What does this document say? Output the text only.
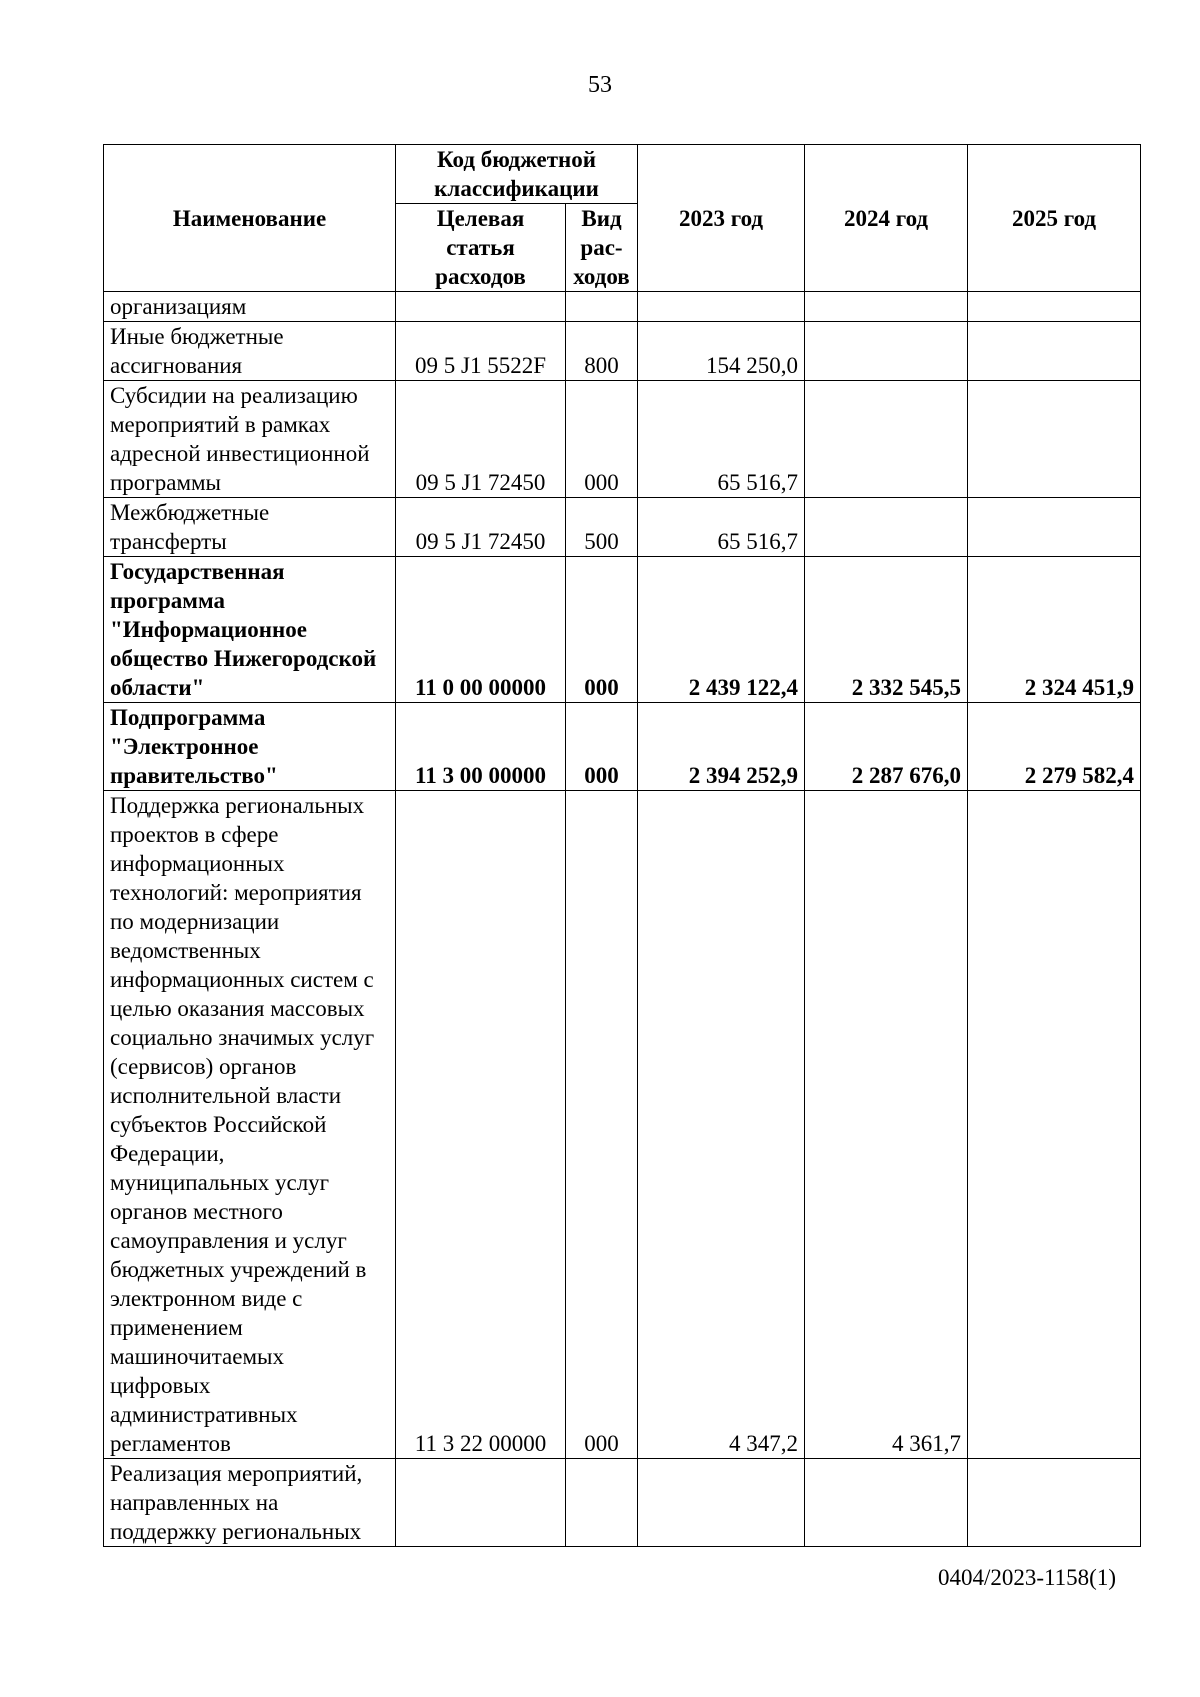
53
Наименование	Код бюджетной классификации		2023 год	2024 год	2025 год
	Целевая статья расходов	Вид рас-ходов			
организациям					
Иные бюджетные ассигнования	09 5 J1 5522F	800	154 250,0		
Субсидии на реализацию мероприятий в рамках адресной инвестиционной программы	09 5 J1 72450	000	65 516,7		
Межбюджетные трансферты	09 5 J1 72450	500	65 516,7		
Государственная программа "Информационное общество Нижегородской области"	11 0 00 00000	000	2 439 122,4	2 332 545,5	2 324 451,9
Подпрограмма "Электронное правительство"	11 3 00 00000	000	2 394 252,9	2 287 676,0	2 279 582,4
Поддержка региональных проектов в сфере информационных технологий: мероприятия по модернизации ведомственных информационных систем с целью оказания массовых социально значимых услуг (сервисов) органов исполнительной власти субъектов Российской Федерации, муниципальных услуг органов местного самоуправления и услуг бюджетных учреждений в электронном виде с применением машиночитаемых цифровых административных регламентов	11 3 22 00000	000	4 347,2	4 361,7	
Реализация мероприятий, направленных на поддержку региональных					
0404/2023-1158(1)
